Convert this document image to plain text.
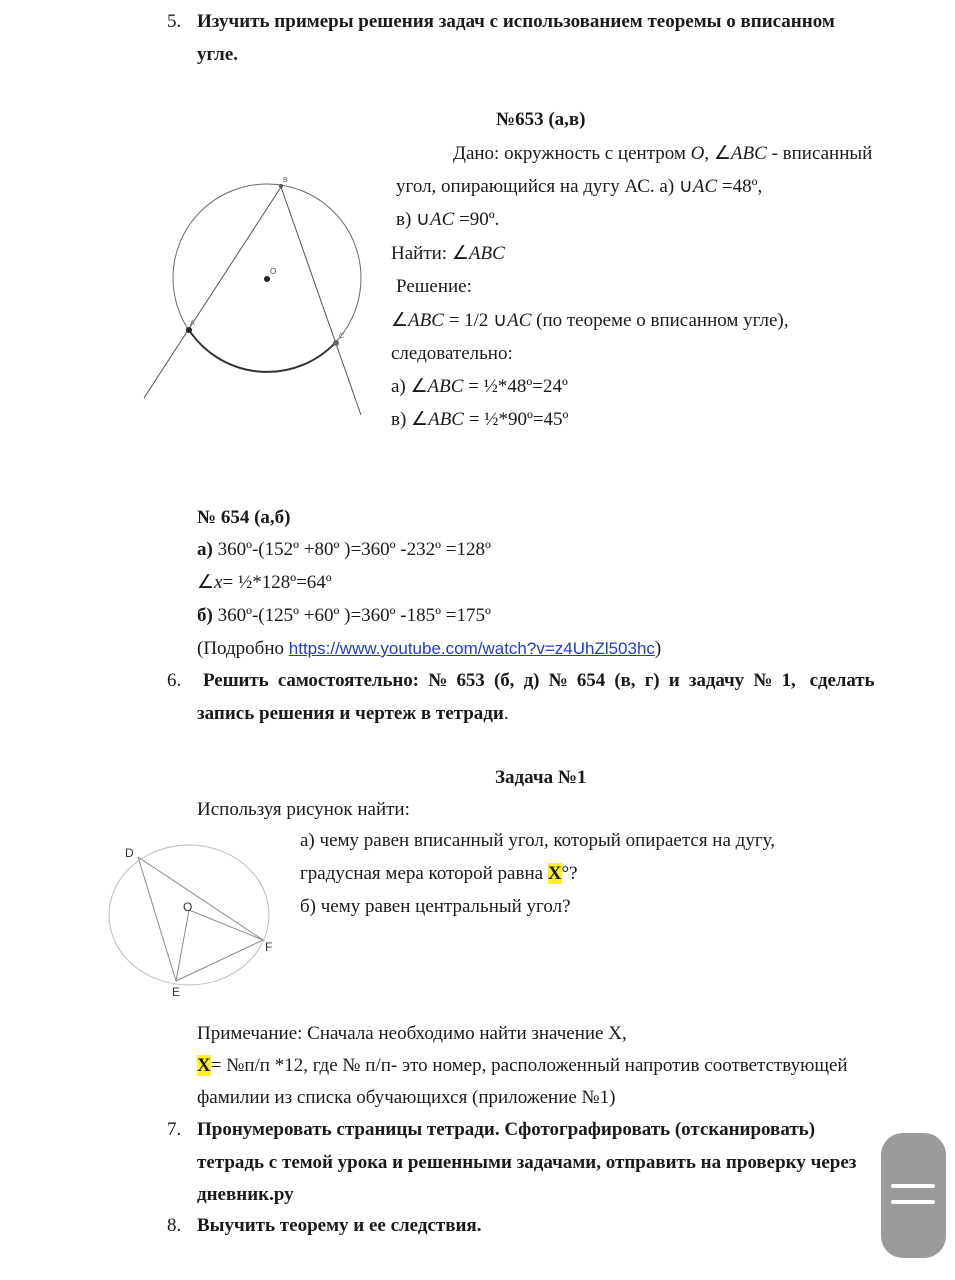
5. Изучить примеры решения задач с использованием теоремы о вписанном
угле.
№653 (а,в)
Дано: окружность с центром O, ∠ABC - вписанный
угол, опирающийся на дугу АС. а) ∪AC =48º,
в) ∪AC =90º.
Найти: ∠ABC
Решение:
∠ABC = 1/2 ∪AC (по теореме о вписанном угле),
следовательно:
а) ∠ABC = ½*48º=24º
в) ∠ABC = ½*90º=45º
B
O
A
C
№ 654 (а,б)
а) 360º-(152º +80º )=360º -232º =128º
∠x= ½*128º=64º
б) 360º-(125º +60º )=360º -185º =175º
(Подробно https://www.youtube.com/watch?v=z4UhZl503hc)
6. Решить  самостоятельно:  №  653  (б,  д)  №  654  (в,  г)  и  задачу  №  1,   сделать
запись решения и чертеж в тетради.
Задача №1
Используя рисунок найти:
а) чему равен вписанный угол, который опирается на дугу,
градусная мера которой равна X°?
б) чему равен центральный угол?
D
O
F
E
Примечание: Сначала необходимо найти значение Х,
Х= №п/п *12, где № п/п- это номер, расположенный напротив соответствующей
фамилии из списка обучающихся (приложение №1)
7. Пронумеровать страницы тетради. Сфотографировать (отсканировать)
тетрадь с темой урока и решенными задачами, отправить на проверку через
дневник.ру
8. Выучить теорему и ее следствия.
